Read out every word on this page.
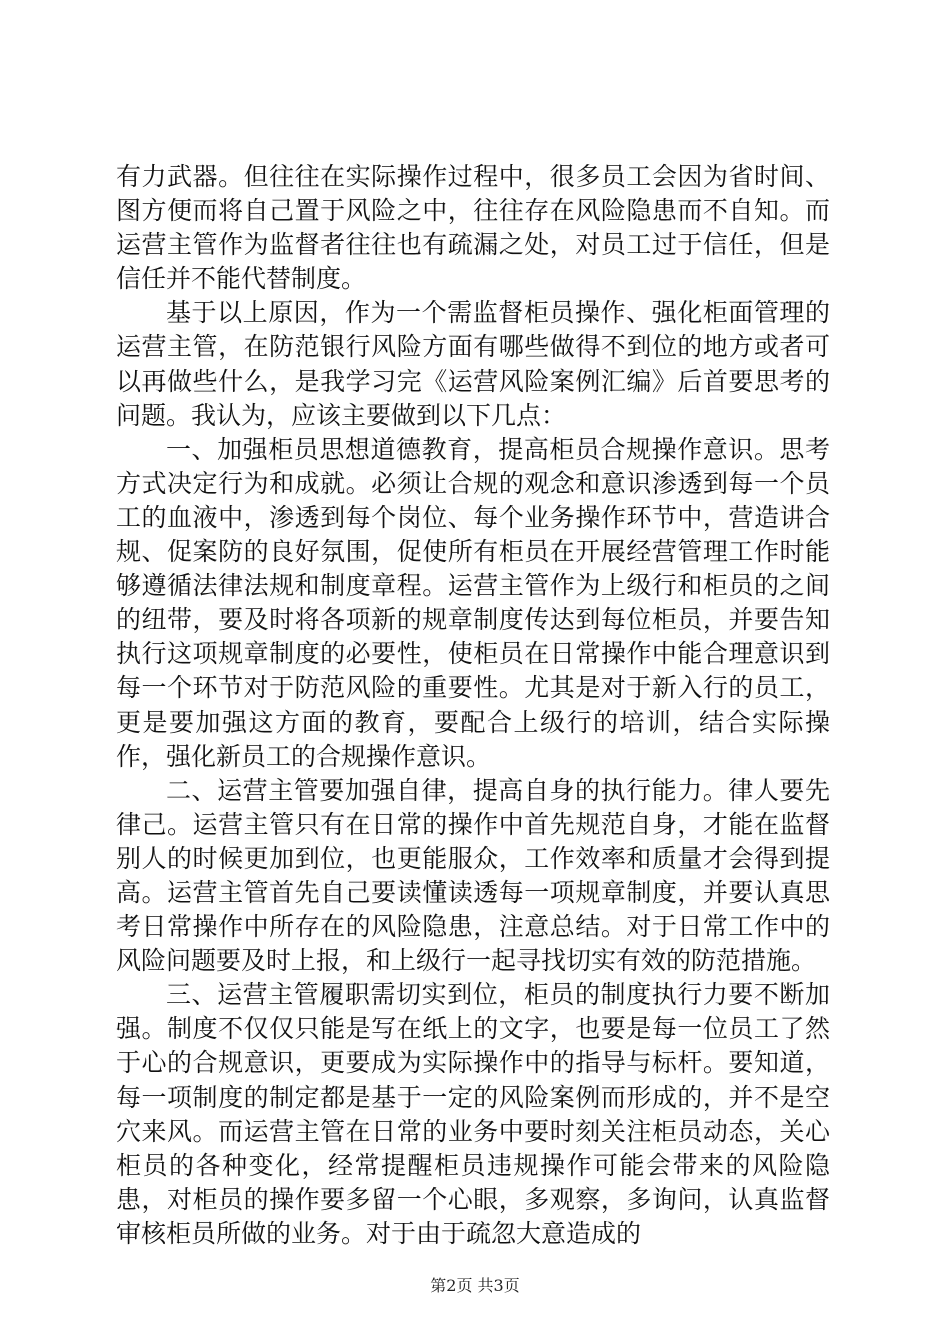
有力武器。但往往在实际操作过程中，很多员工会因为省时间、图方便而将自己置于风险之中，往往存在风险隐患而不自知。而运营主管作为监督者往往也有疏漏之处，对员工过于信任，但是信任并不能代替制度。

基于以上原因，作为一个需监督柜员操作、强化柜面管理的运营主管，在防范银行风险方面有哪些做得不到位的地方或者可以再做些什么，是我学习完《运营风险案例汇编》后首要思考的问题。我认为，应该主要做到以下几点：

一、加强柜员思想道德教育，提高柜员合规操作意识。思考方式决定行为和成就。必须让合规的观念和意识渗透到每一个员工的血液中，渗透到每个岗位、每个业务操作环节中，营造讲合规、促案防的良好氛围，促使所有柜员在开展经营管理工作时能够遵循法律法规和制度章程。运营主管作为上级行和柜员的之间的纽带，要及时将各项新的规章制度传达到每位柜员，并要告知执行这项规章制度的必要性，使柜员在日常操作中能合理意识到每一个环节对于防范风险的重要性。尤其是对于新入行的员工，更是要加强这方面的教育，要配合上级行的培训，结合实际操作，强化新员工的合规操作意识。

二、运营主管要加强自律，提高自身的执行能力。律人要先律己。运营主管只有在日常的操作中首先规范自身，才能在监督别人的时候更加到位，也更能服众，工作效率和质量才会得到提高。运营主管首先自己要读懂读透每一项规章制度，并要认真思考日常操作中所存在的风险隐患，注意总结。对于日常工作中的风险问题要及时上报，和上级行一起寻找切实有效的防范措施。

三、运营主管履职需切实到位，柜员的制度执行力要不断加强。制度不仅仅只能是写在纸上的文字，也要是每一位员工了然于心的合规意识，更要成为实际操作中的指导与标杆。要知道，每一项制度的制定都是基于一定的风险案例而形成的，并不是空穴来风。而运营主管在日常的业务中要时刻关注柜员动态，关心柜员的各种变化，经常提醒柜员违规操作可能会带来的风险隐患，对柜员的操作要多留一个心眼，多观察，多询问，认真监督审核柜员所做的业务。对于由于疏忽大意造成的

第2页 共3页
